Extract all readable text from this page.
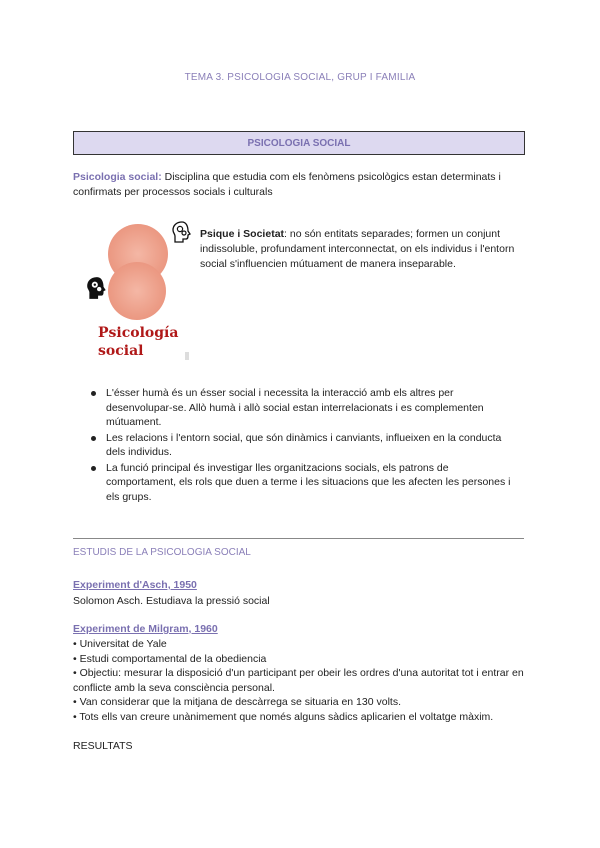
TEMA 3. PSICOLOGIA SOCIAL, GRUP I FAMILIA
PSICOLOGIA SOCIAL
Psicologia social: Disciplina que estudia com els fenòmens psicològics estan determinats i confirmats per processos socials i culturals
Psicología
social
Psique i Societat: no són entitats separades; formen un conjunt indissoluble, profundament interconnectat, on els individus i l'entorn social s'influencien mútuament de manera inseparable.
L'ésser humà és un ésser social i necessita la interacció amb els altres per desenvolupar-se. Allò humà i allò social estan interrelacionats i es complementen mútuament.
Les relacions i l'entorn social, que són dinàmics i canviants, influeixen en la conducta dels individus.
La funció principal és investigar lles organitzacions socials, els patrons de comportament, els rols que duen a terme i les situacions que les afecten les persones i els grups.
ESTUDIS DE LA PSICOLOGIA SOCIAL
Experiment d'Asch, 1950
Solomon Asch. Estudiava la pressió social
Experiment de Milgram, 1960
• Universitat de Yale
• Estudi comportamental de la obediencia
• Objectiu: mesurar la disposició d'un participant per obeir les ordres d'una autoritat tot i entrar en conflicte amb la seva consciència personal.
• Van considerar que la mitjana de descàrrega se situaria en 130 volts.
• Tots ells van creure unànimement que només alguns sàdics aplicarien el voltatge màxim.
RESULTATS
